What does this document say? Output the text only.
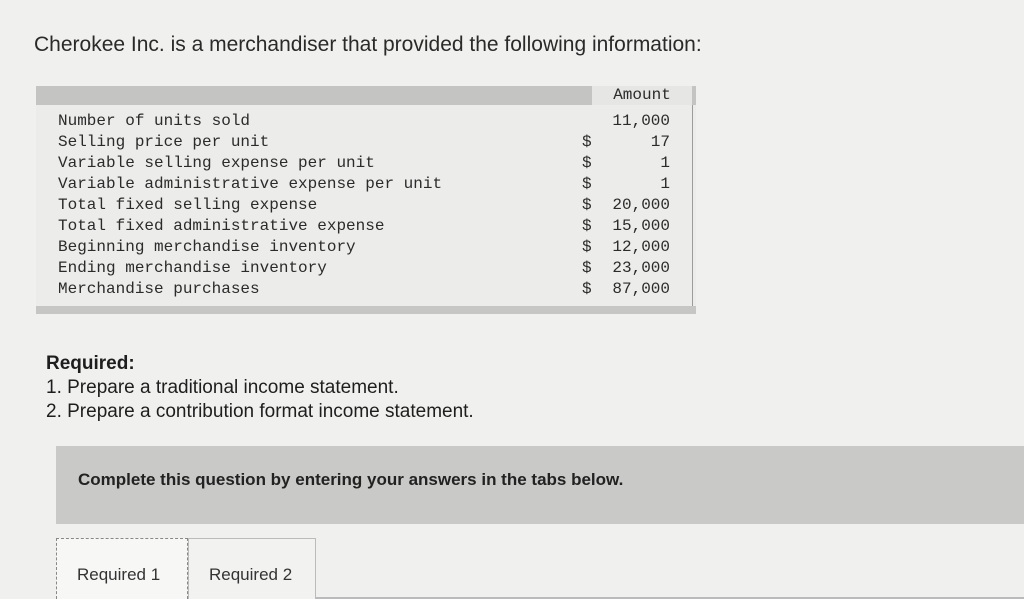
Cherokee Inc. is a merchandiser that provided the following information:
Amount
Number of units sold	11,000
Selling price per unit	$	17
Variable selling expense per unit	$	1
Variable administrative expense per unit	$	1
Total fixed selling expense	$ 20,000
Total fixed administrative expense	$ 15,000
Beginning merchandise inventory	$ 12,000
Ending merchandise inventory	$ 23,000
Merchandise purchases	$ 87,000
Required:
1. Prepare a traditional income statement.
2. Prepare a contribution format income statement.
Complete this question by entering your answers in the tabs below.
Required 1	Required 2
